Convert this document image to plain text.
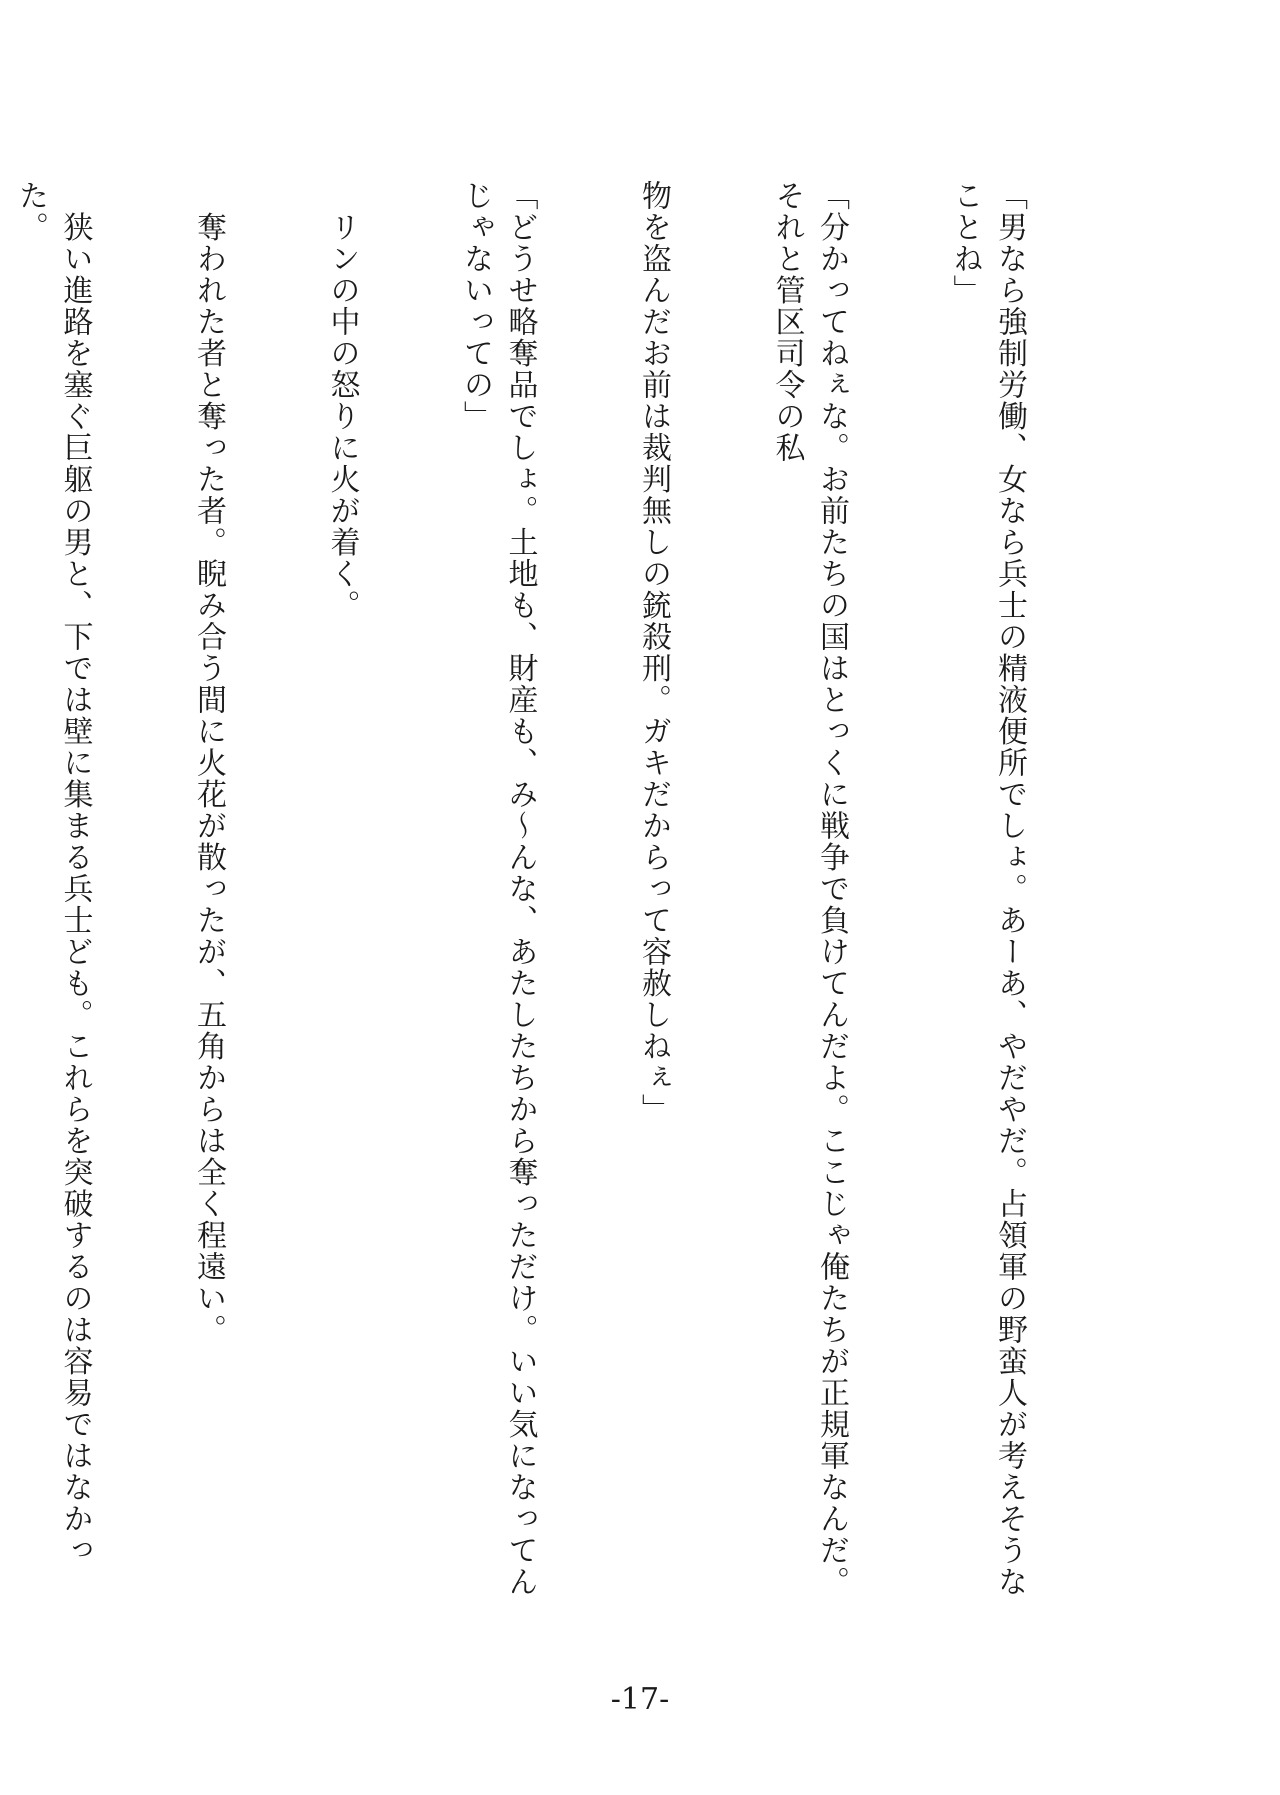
「男なら強制労働、女なら兵士の精液便所でしょ。あーあ、やだやだ。占領軍の野蛮人が考えそうなことね」

「分かってねぇな。お前たちの国はとっくに戦争で負けてんだよ。ここじゃ俺たちが正規軍なんだ。それと管区司令の私

物を盗んだお前は裁判無しの銃殺刑。ガキだからって容赦しねぇ」

「どうせ略奪品でしょ。土地も、財産も、み～んな、あたしたちから奪っただけ。いい気になってんじゃないっての」

　リンの中の怒りに火が着く。

　奪われた者と奪った者。睨み合う間に火花が散ったが、五角からは全く程遠い。

　狭い進路を塞ぐ巨躯の男と、下では壁に集まる兵士ども。これらを突破するのは容易ではなかった。

-17-
